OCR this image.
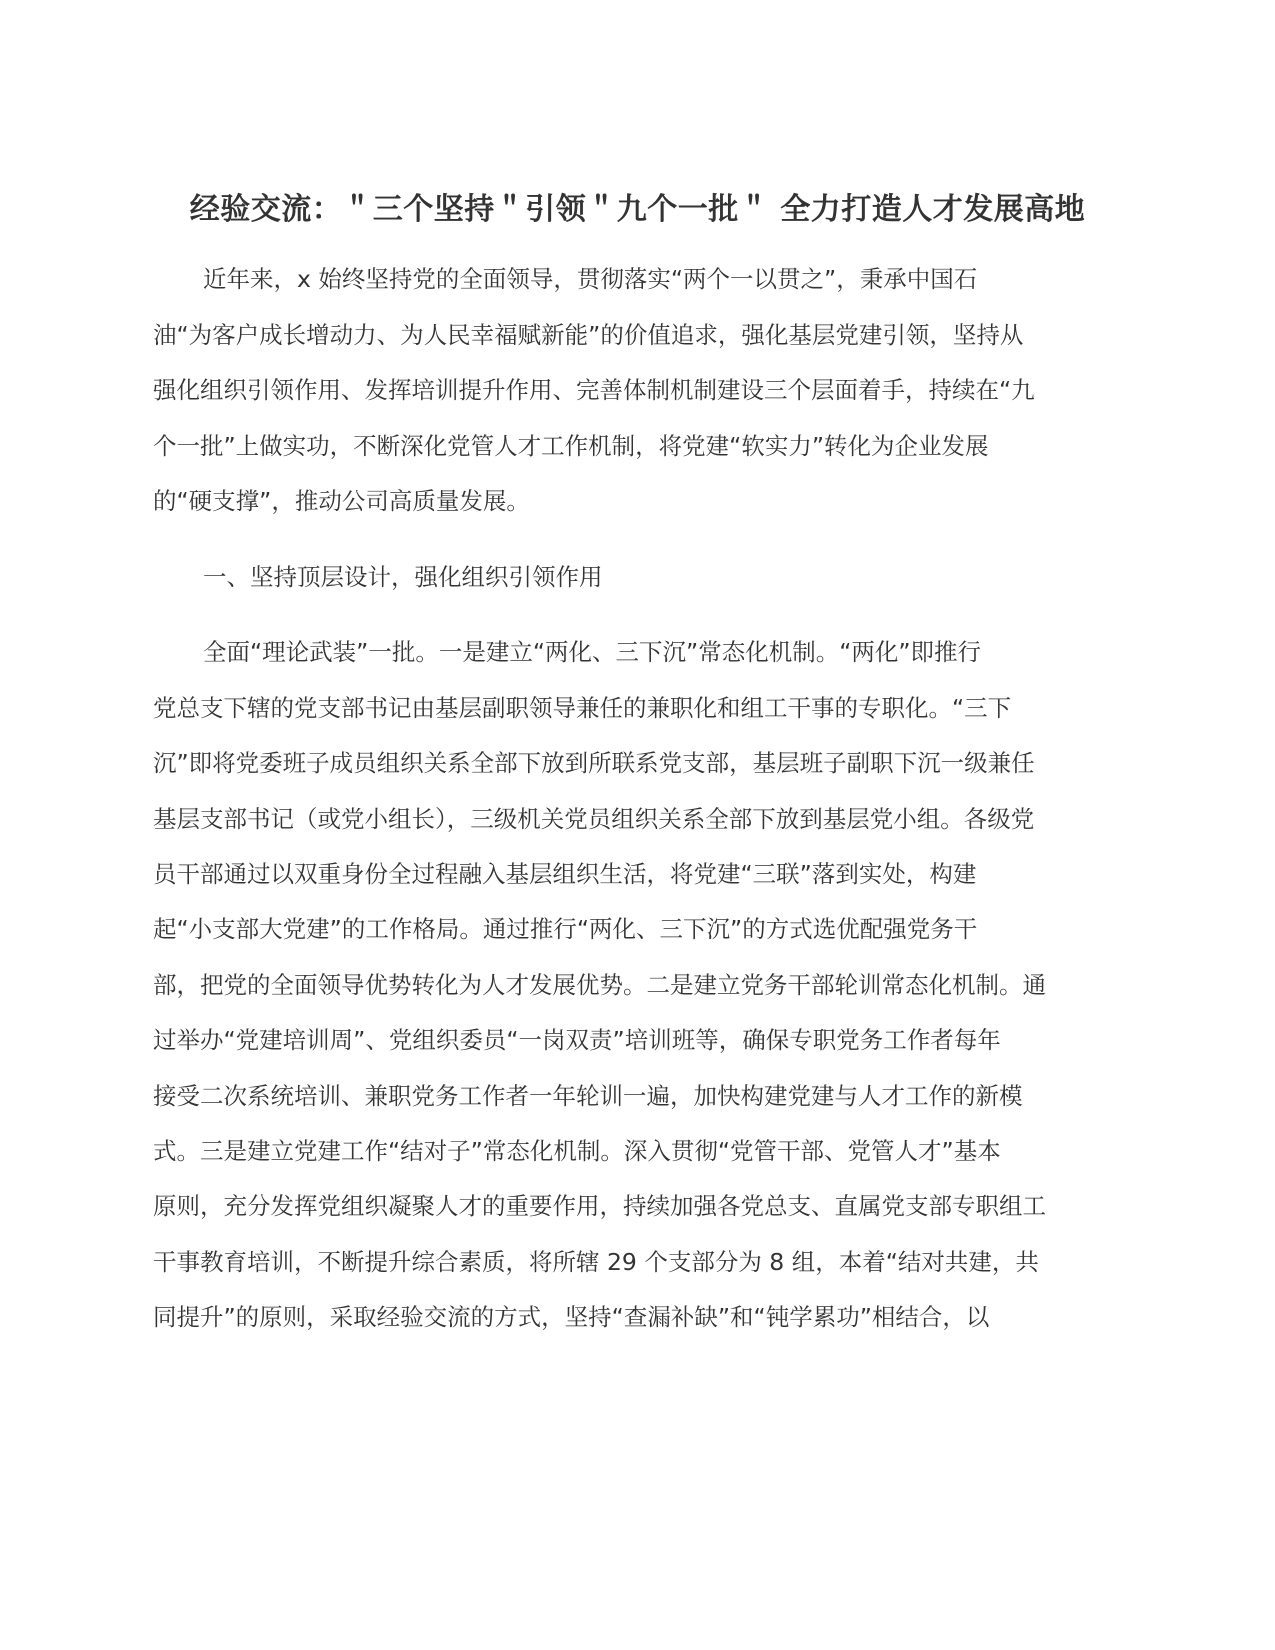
经验交流：＂三个坚持＂引领＂九个一批＂ 全力打造人才发展高地
近年来，x 始终坚持党的全面领导，贯彻落实“两个一以贯之”，秉承中国石
油“为客户成长增动力、为人民幸福赋新能”的价值追求，强化基层党建引领，坚持从
强化组织引领作用、发挥培训提升作用、完善体制机制建设三个层面着手，持续在“九
个一批”上做实功，不断深化党管人才工作机制，将党建“软实力”转化为企业发展
的“硬支撑”，推动公司高质量发展。
一、坚持顶层设计，强化组织引领作用
全面“理论武装”一批。一是建立“两化、三下沉”常态化机制。“两化”即推行
党总支下辖的党支部书记由基层副职领导兼任的兼职化和组工干事的专职化。“三下
沉”即将党委班子成员组织关系全部下放到所联系党支部，基层班子副职下沉一级兼任
基层支部书记（或党小组长），三级机关党员组织关系全部下放到基层党小组。各级党
员干部通过以双重身份全过程融入基层组织生活，将党建“三联”落到实处，构建
起“小支部大党建”的工作格局。通过推行“两化、三下沉”的方式选优配强党务干
部，把党的全面领导优势转化为人才发展优势。二是建立党务干部轮训常态化机制。通
过举办“党建培训周”、党组织委员“一岗双责”培训班等，确保专职党务工作者每年
接受二次系统培训、兼职党务工作者一年轮训一遍，加快构建党建与人才工作的新模
式。三是建立党建工作“结对子”常态化机制。深入贯彻“党管干部、党管人才”基本
原则，充分发挥党组织凝聚人才的重要作用，持续加强各党总支、直属党支部专职组工
干事教育培训，不断提升综合素质，将所辖 29 个支部分为 8 组，本着“结对共建，共
同提升”的原则，采取经验交流的方式，坚持“查漏补缺”和“钝学累功”相结合，以
